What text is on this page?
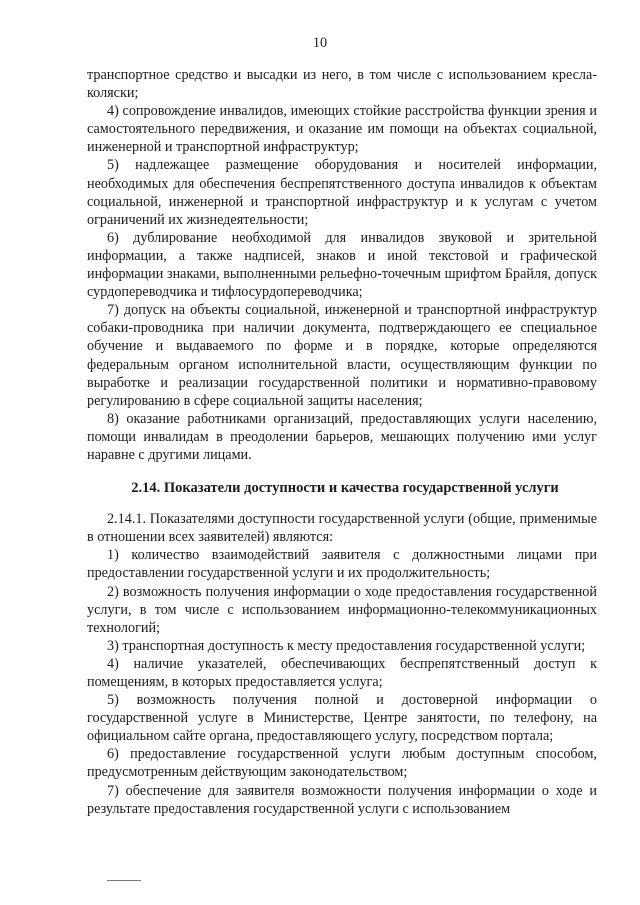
10

транспортное средство и высадки из него, в том числе с использованием кресла-коляски;

4) сопровождение инвалидов, имеющих стойкие расстройства функции зрения и самостоятельного передвижения, и оказание им помощи на объектах социальной, инженерной и транспортной инфраструктур;

5) надлежащее размещение оборудования и носителей информации, необходимых для обеспечения беспрепятственного доступа инвалидов к объектам социальной, инженерной и транспортной инфраструктур и к услугам с учетом ограничений их жизнедеятельности;

6) дублирование необходимой для инвалидов звуковой и зрительной информации, а также надписей, знаков и иной текстовой и графической информации знаками, выполненными рельефно-точечным шрифтом Брайля, допуск сурдопереводчика и тифлосурдопереводчика;

7) допуск на объекты социальной, инженерной и транспортной инфраструктур собаки-проводника при наличии документа, подтверждающего ее специальное обучение и выдаваемого по форме и в порядке, которые определяются федеральным органом исполнительной власти, осуществляющим функции по выработке и реализации государственной политики и нормативно-правовому регулированию в сфере социальной защиты населения;

8) оказание работниками организаций, предоставляющих услуги населению, помощи инвалидам в преодолении барьеров, мешающих получению ими услуг наравне с другими лицами.

2.14. Показатели доступности и качества государственной услуги

2.14.1. Показателями доступности государственной услуги (общие, применимые в отношении всех заявителей) являются:

1) количество взаимодействий заявителя с должностными лицами при предоставлении государственной услуги и их продолжительность;

2) возможность получения информации о ходе предоставления государственной услуги, в том числе с использованием информационно-телекоммуникационных технологий;

3) транспортная доступность к месту предоставления государственной услуги;

4) наличие указателей, обеспечивающих беспрепятственный доступ к помещениям, в которых предоставляется услуга;

5) возможность получения полной и достоверной информации о государственной услуге в Министерстве, Центре занятости, по телефону, на официальном сайте органа, предоставляющего услугу, посредством портала;

6) предоставление государственной услуги любым доступным способом, предусмотренным действующим законодательством;

7) обеспечение для заявителя возможности получения информации о ходе и результате предоставления государственной услуги с использованием
